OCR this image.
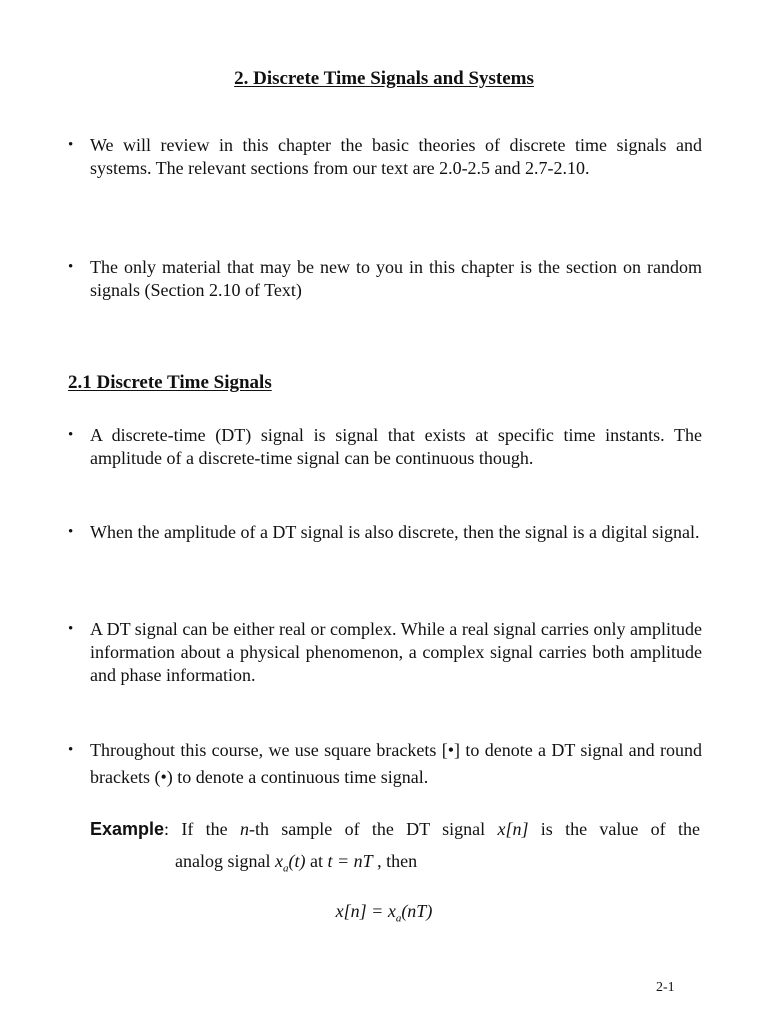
2. Discrete Time Signals and Systems
• We will review in this chapter the basic theories of discrete time signals and systems. The relevant sections from our text are 2.0-2.5 and 2.7-2.10.
• The only material that may be new to you in this chapter is the section on random signals (Section 2.10 of Text)
2.1 Discrete Time Signals
• A discrete-time (DT) signal is signal that exists at specific time instants. The amplitude of a discrete-time signal can be continuous though.
• When the amplitude of a DT signal is also discrete, then the signal is a digital signal.
• A DT signal can be either real or complex. While a real signal carries only amplitude information about a physical phenomenon, a complex signal carries both amplitude and phase information.
• Throughout this course, we use square brackets [•] to denote a DT signal and round brackets (•) to denote a continuous time signal.
Example: If the n-th sample of the DT signal x[n] is the value of the
analog signal $x_a(t)$ at t = nT , then
$x[n] = x_a(nT)$
2-1
